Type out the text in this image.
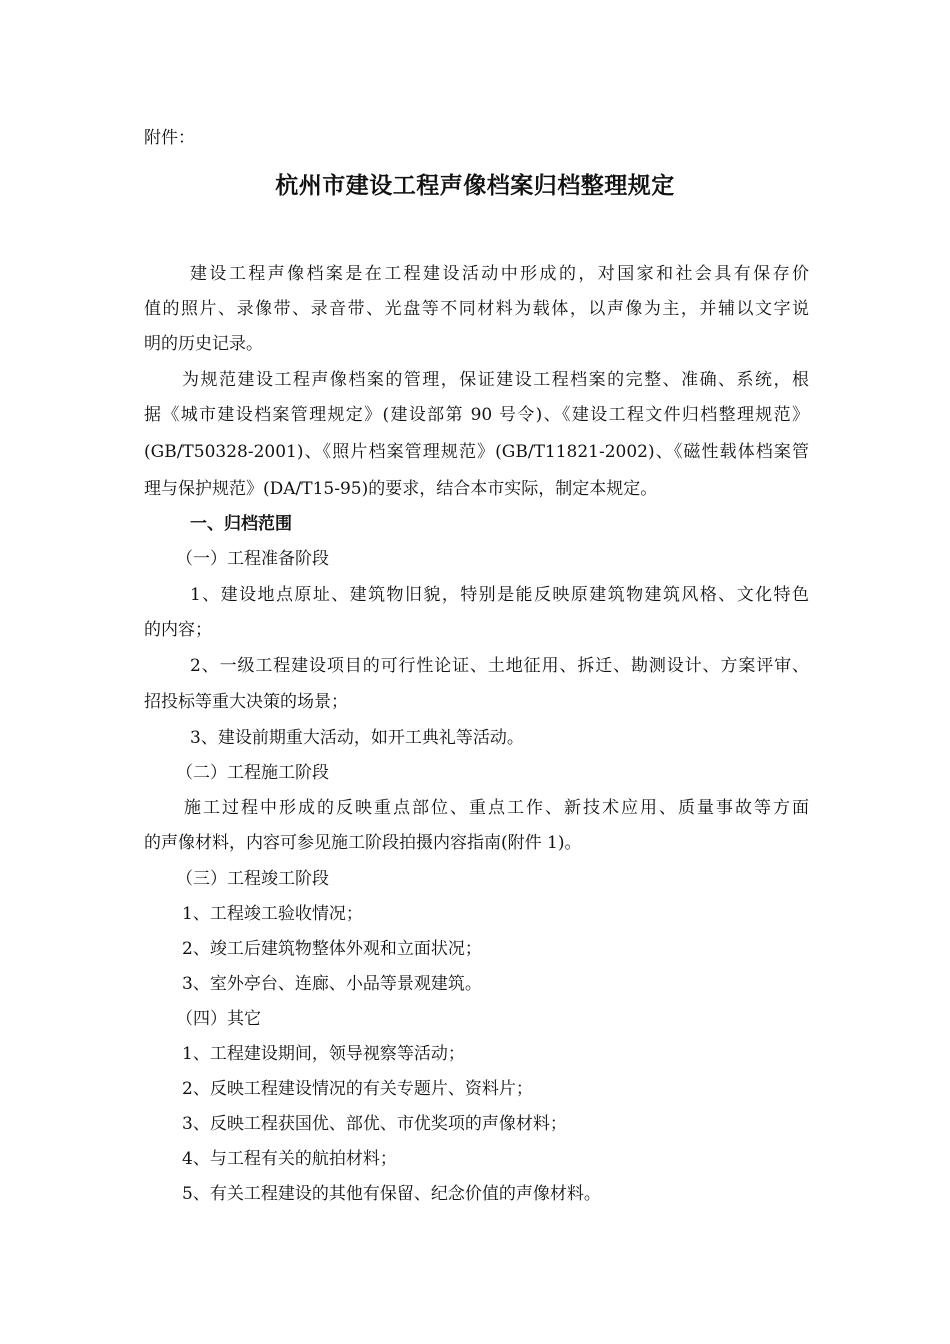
附件：
杭州市建设工程声像档案归档整理规定
建设工程声像档案是在工程建设活动中形成的，对国家和社会具有保存价
值的照片、录像带、录音带、光盘等不同材料为载体，以声像为主，并辅以文字说
明的历史记录。
为规范建设工程声像档案的管理，保证建设工程档案的完整、准确、系统，根
据《城市建设档案管理规定》(建设部第 90 号令)、《建设工程文件归档整理规范》
(GB/T50328-2001)、《照片档案管理规范》(GB/T11821-2002)、《磁性载体档案管
理与保护规范》(DA/T15-95)的要求，结合本市实际，制定本规定。
一、归档范围
（一）工程准备阶段
1、建设地点原址、建筑物旧貌，特别是能反映原建筑物建筑风格、文化特色
的内容；
2、一级工程建设项目的可行性论证、土地征用、拆迁、勘测设计、方案评审、
招投标等重大决策的场景；
3、建设前期重大活动，如开工典礼等活动。
（二）工程施工阶段
施工过程中形成的反映重点部位、重点工作、新技术应用、质量事故等方面
的声像材料，内容可参见施工阶段拍摄内容指南(附件 1)。
（三）工程竣工阶段
1、工程竣工验收情况；
2、竣工后建筑物整体外观和立面状况；
3、室外亭台、连廊、小品等景观建筑。
（四）其它
1、工程建设期间，领导视察等活动；
2、反映工程建设情况的有关专题片、资料片；
3、反映工程获国优、部优、市优奖项的声像材料；
4、与工程有关的航拍材料；
5、有关工程建设的其他有保留、纪念价值的声像材料。
